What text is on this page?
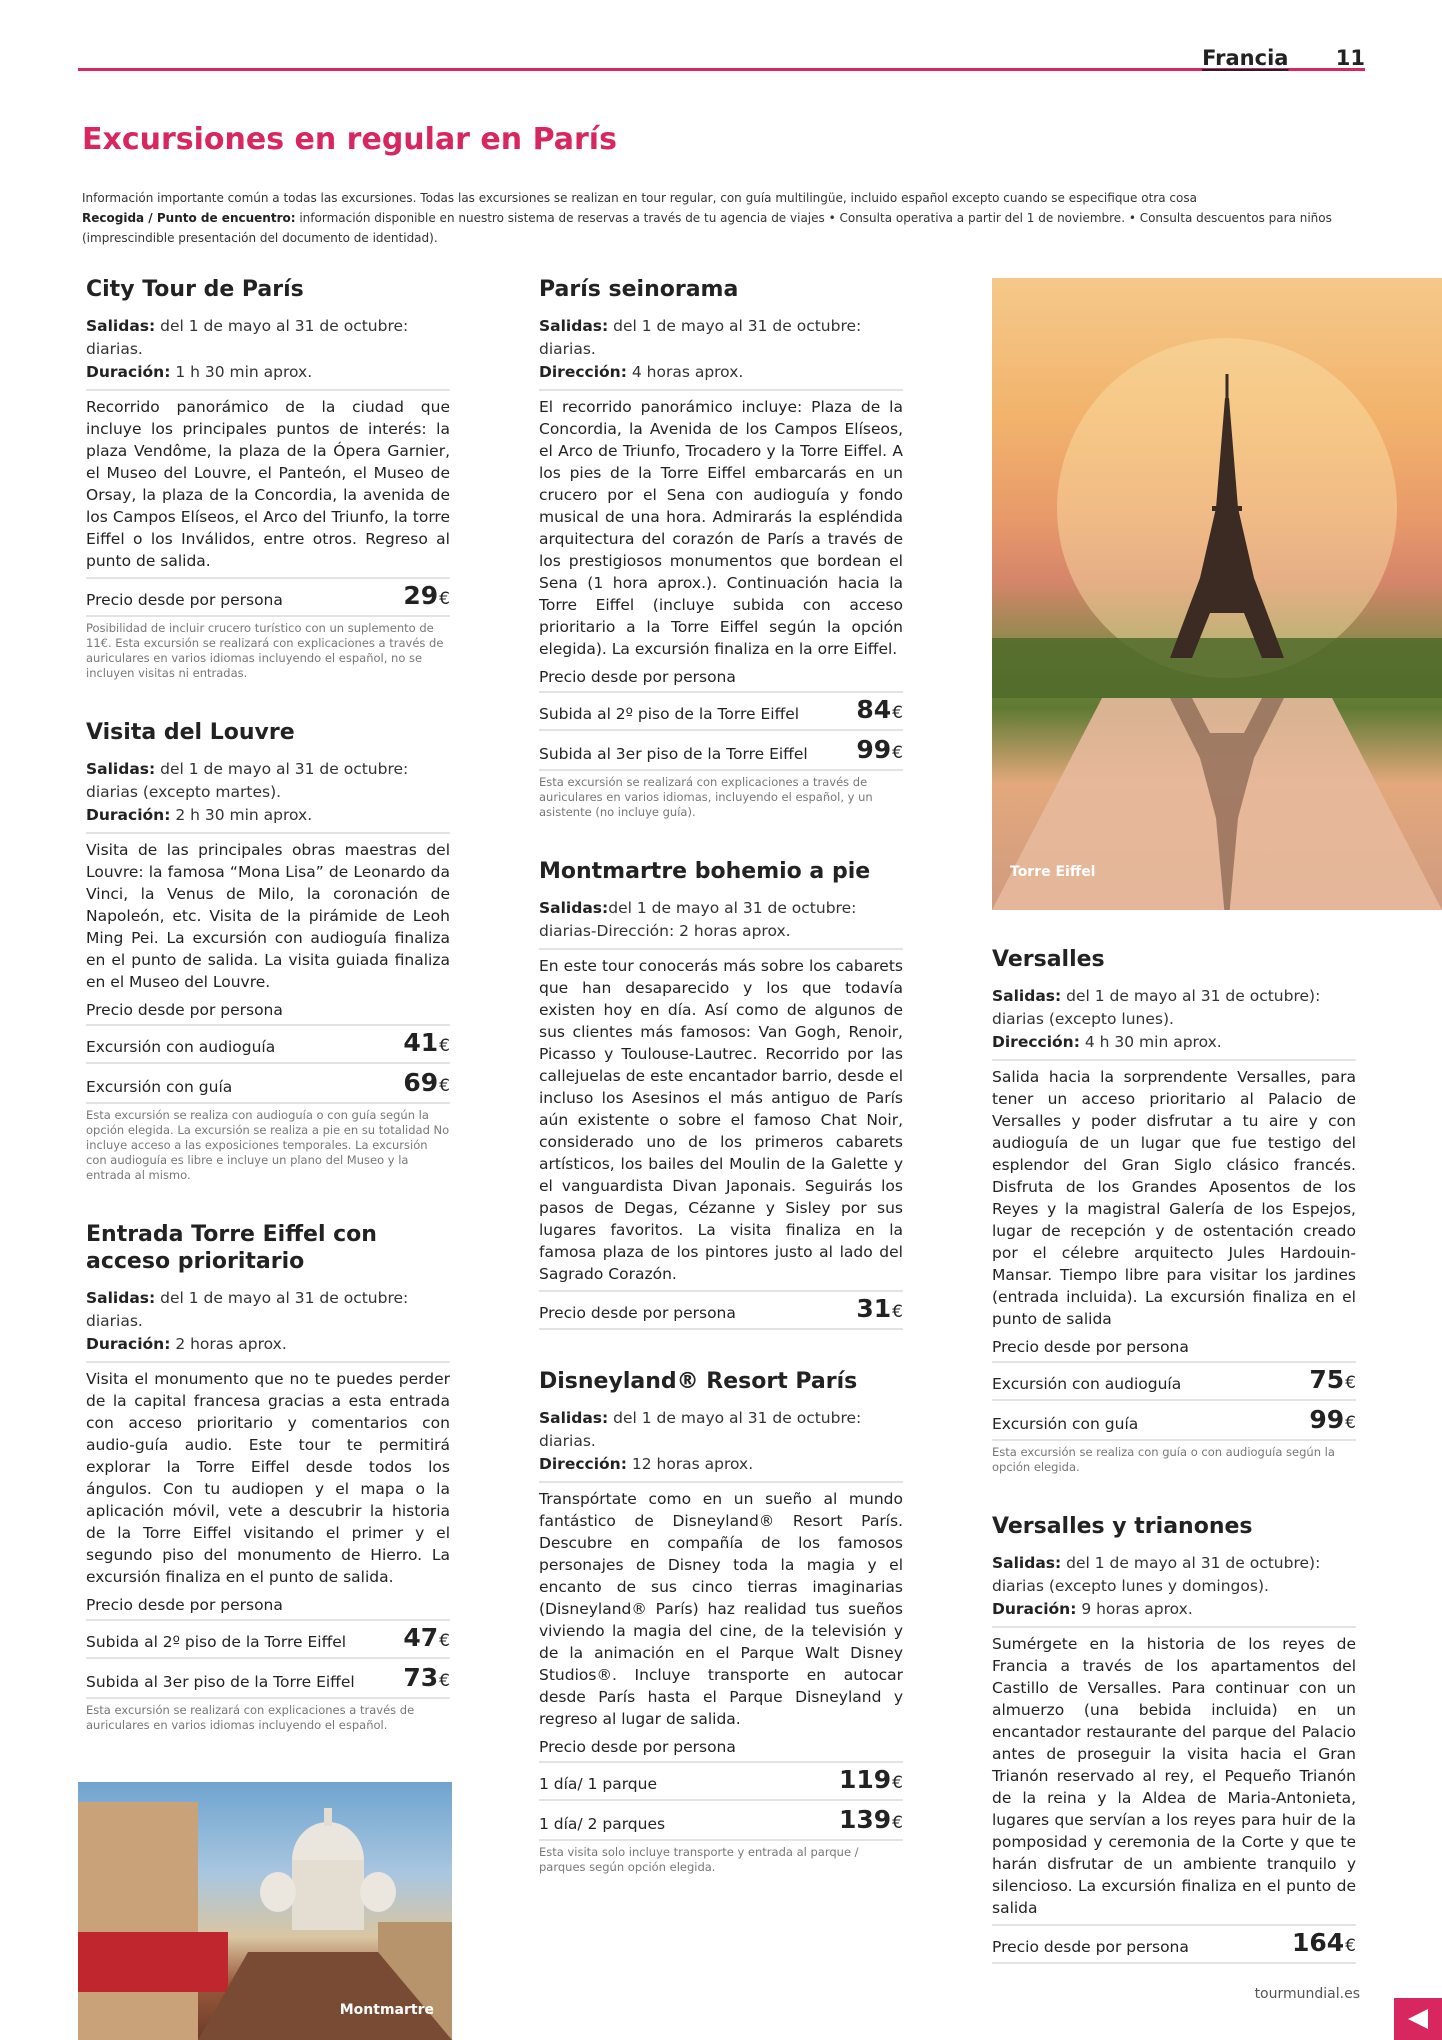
Francia 11
Excursiones en regular en París
Información importante común a todas las excursiones. Todas las excursiones se realizan en tour regular, con guía multilingüe, incluido español excepto cuando se especifique otra cosa
Recogida / Punto de encuentro: información disponible en nuestro sistema de reservas a través de tu agencia de viajes • Consulta operativa a partir del 1 de noviembre. • Consulta descuentos para niños (imprescindible presentación del documento de identidad).
City Tour de París
Salidas: del 1 de mayo al 31 de octubre: diarias.
Duración: 1 h 30 min aprox.

Recorrido panorámico de la ciudad que incluye los principales puntos de interés: la plaza Vendôme, la plaza de la Ópera Garnier, el Museo del Louvre, el Panteón, el Museo de Orsay, la plaza de la Concordia, la avenida de los Campos Elíseos, el Arco del Triunfo, la torre Eiffel o los Inválidos, entre otros. Regreso al punto de salida.

Precio desde por persona	29€

Posibilidad de incluir crucero turístico con un suplemento de 11€. Esta excursión se realizará con explicaciones a través de auriculares en varios idiomas incluyendo el español, no se incluyen visitas ni entradas.

Visita del Louvre
Salidas: del 1 de mayo al 31 de octubre: diarias (excepto martes).
Duración: 2 h 30 min aprox.

Visita de las principales obras maestras del Louvre: la famosa “Mona Lisa” de Leonardo da Vinci, la Venus de Milo, la coronación de Napoleón, etc. Visita de la pirámide de Leoh Ming Pei. La excursión con audioguía finaliza en el punto de salida. La visita guiada finaliza en el Museo del Louvre.

Precio desde por persona
Excursión con audioguía	41€
Excursión con guía	69€

Esta excursión se realiza con audioguía o con guía según la opción elegida. La excursión se realiza a pie en su totalidad No incluye acceso a las exposiciones temporales. La excursión con audioguía es libre e incluye un plano del Museo y la entrada al mismo.

Entrada Torre Eiffel con acceso prioritario
Salidas: del 1 de mayo al 31 de octubre: diarias.
Duración: 2 horas aprox.

Visita el monumento que no te puedes perder de la capital francesa gracias a esta entrada con acceso prioritario y comentarios con audio-guía audio. Este tour te permitirá explorar la Torre Eiffel desde todos los ángulos. Con tu audiopen y el mapa o la aplicación móvil, vete a descubrir la historia de la Torre Eiffel visitando el primer y el segundo piso del monumento de Hierro. La excursión finaliza en el punto de salida.

Precio desde por persona
Subida al 2º piso de la Torre Eiffel 47€
Subida al 3er piso de la Torre Eiffel 73€

Esta excursión se realizará con explicaciones a través de auriculares en varios idiomas incluyendo el español.

París seinorama
Salidas: del 1 de mayo al 31 de octubre: diarias.
Dirección: 4 horas aprox.

El recorrido panorámico incluye: Plaza de la Concordia, la Avenida de los Campos Elíseos, el Arco de Triunfo, Trocadero y la Torre Eiffel. A los pies de la Torre Eiffel embarcarás en un crucero por el Sena con audioguía y fondo musical de una hora. Admirarás la espléndida arquitectura del corazón de París a través de los prestigiosos monumentos que bordean el Sena (1 hora aprox.). Continuación hacia la Torre Eiffel (incluye subida con acceso prioritario a la Torre Eiffel según la opción elegida). La excursión finaliza en la orre Eiffel.

Precio desde por persona
Subida al 2º piso de la Torre Eiffel 84€
Subida al 3er piso de la Torre Eiffel 99€

Esta excursión se realizará con explicaciones a través de auriculares en varios idiomas, incluyendo el español, y un asistente (no incluye guía).

Montmartre bohemio a pie
Salidas:del 1 de mayo al 31 de octubre: diarias-Dirección: 2 horas aprox.

En este tour conocerás más sobre los cabarets que han desaparecido y los que todavía existen hoy en día. Así como de algunos de sus clientes más famosos: Van Gogh, Renoir, Picasso y Toulouse-Lautrec. Recorrido por las callejuelas de este encantador barrio, desde el incluso los Asesinos el más antiguo de París aún existente o sobre el famoso Chat Noir, considerado uno de los primeros cabarets artísticos, los bailes del Moulin de la Galette y el vanguardista Divan Japonais. Seguirás los pasos de Degas, Cézanne y Sisley por sus lugares favoritos. La visita finaliza en la famosa plaza de los pintores justo al lado del Sagrado Corazón.

Precio desde por persona	31€
Disneyland® Resort París
Salidas: del 1 de mayo al 31 de octubre: diarias.
Dirección: 12 horas aprox.

Transpórtate como en un sueño al mundo fantástico de Disneyland® Resort París. Descubre en compañía de los famosos personajes de Disney toda la magia y el encanto de sus cinco tierras imaginarias (Disneyland® París) haz realidad tus sueños viviendo la magia del cine, de la televisión y de la animación en el Parque Walt Disney Studios®. Incluye transporte en autocar desde París hasta el Parque Disneyland y regreso al lugar de salida.

Precio desde por persona
1 día/ 1 parque	119€
1 día/ 2 parques	139€

Esta visita solo incluye transporte y entrada al parque / parques según opción elegida.

Torre Eiffel
Versalles
Salidas: del 1 de mayo al 31 de octubre): diarias (excepto lunes).
Dirección: 4 h 30 min aprox.

Salida hacia la sorprendente Versalles, para tener un acceso prioritario al Palacio de Versalles y poder disfrutar a tu aire y con audioguía de un lugar que fue testigo del esplendor del Gran Siglo clásico francés. Disfruta de los Grandes Aposentos de los Reyes y la magistral Galería de los Espejos, lugar de recepción y de ostentación creado por el célebre arquitecto Jules Hardouin-Mansar. Tiempo libre para visitar los jardines (entrada incluida). La excursión finaliza en el punto de salida

Precio desde por persona
Excursión con audioguía	75€
Excursión con guía	99€

Esta excursión se realiza con guía o con audioguía según la opción elegida.

Versalles y trianones
Salidas: del 1 de mayo al 31 de octubre): diarias (excepto lunes y domingos).
Duración: 9 horas aprox.

Sumérgete en la historia de los reyes de Francia a través de los apartamentos del Castillo de Versalles. Para continuar con un almuerzo (una bebida incluida) en un encantador restaurante del parque del Palacio antes de proseguir la visita hacia el Gran Trianón reservado al rey, el Pequeño Trianón de la reina y la Aldea de Maria-Antonieta, lugares que servían a los reyes para huir de la pomposidad y ceremonia de la Corte y que te harán disfrutar de un ambiente tranquilo y silencioso. La excursión finaliza en el punto de salida

Precio desde por persona	164€
Montmartre
tourmundial.es
